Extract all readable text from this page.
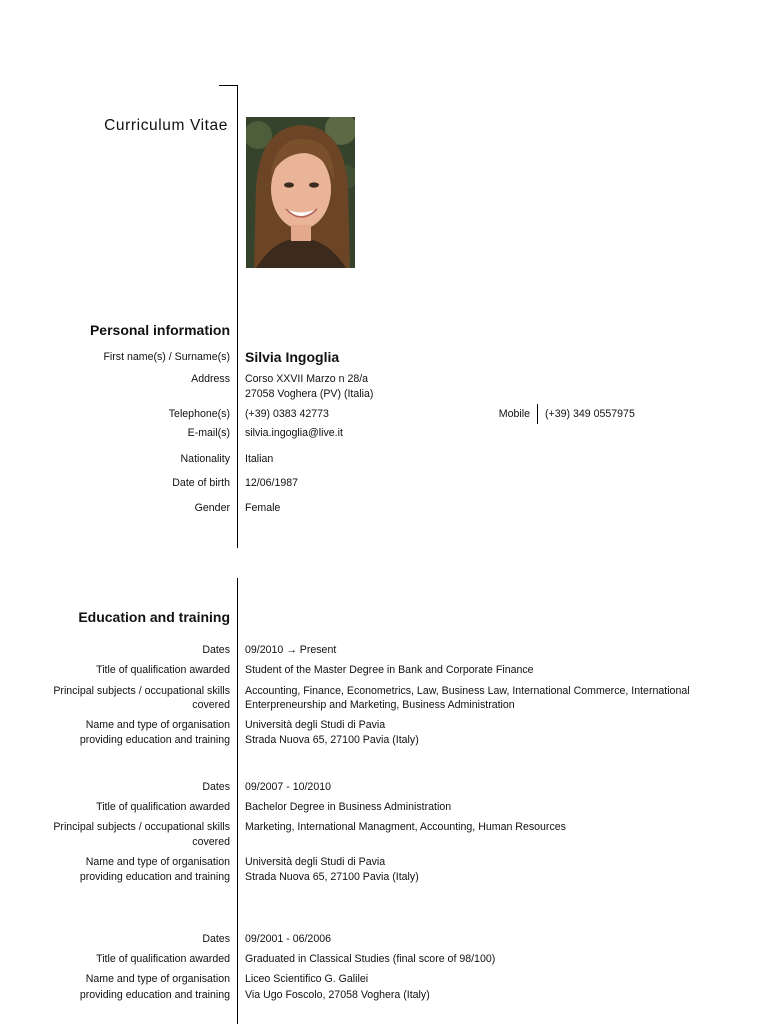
Curriculum Vitae
Personal information
First name(s) / Surname(s) Silvia Ingoglia
Address Corso XXVII Marzo n 28/a
27058 Voghera (PV) (Italia)
Telephone(s) (+39) 0383 42773	Mobile (+39) 349 0557975
E-mail(s) silvia.ingoglia@live.it
Nationality Italian
Date of birth 12/06/1987
Gender Female
Education and training
Dates 09/2010 → Present
Title of qualification awarded Student of the Master Degree in Bank and Corporate Finance
Principal subjects / occupational skills
covered
Accounting, Finance, Econometrics, Law, Business Law, International Commerce, International
Enterpreneurship and Marketing, Business Administration
Name and type of organisation
providing education and training
Università degli Studi di Pavia
Strada Nuova 65, 27100 Pavia (Italy)
Dates 09/2007 - 10/2010
Title of qualification awarded Bachelor Degree in Business Administration
Principal subjects / occupational skills
covered
Marketing, International Managment, Accounting, Human Resources
Name and type of organisation
providing education and training
Università degli Studi di Pavia
Strada Nuova 65, 27100 Pavia (Italy)
Dates 09/2001 - 06/2006
Title of qualification awarded Graduated in Classical Studies (final score of 98/100)
Name and type of organisation
providing education and training
Liceo Scientifico G. Galilei
Via Ugo Foscolo, 27058 Voghera (Italy)
